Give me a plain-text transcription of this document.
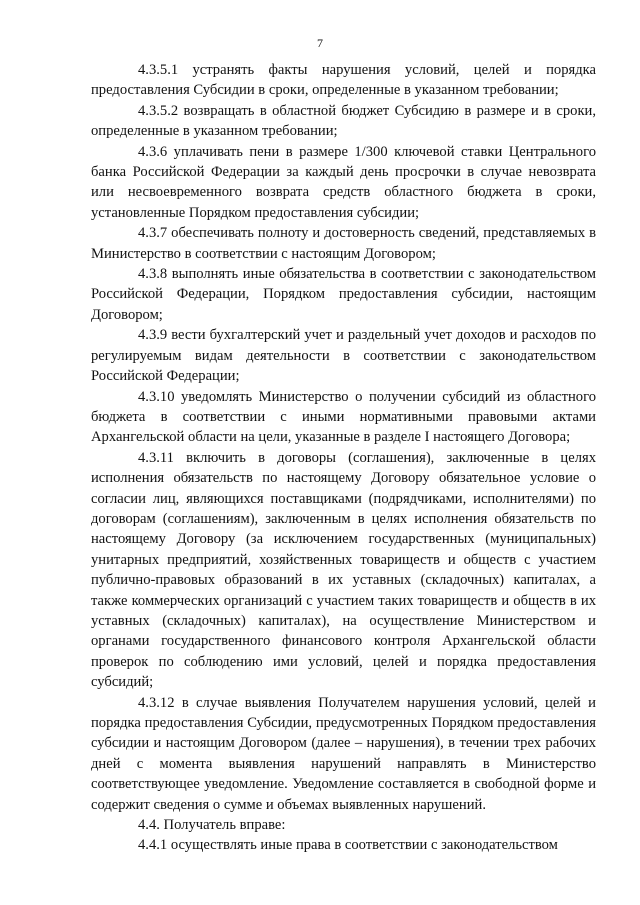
7

4.3.5.1 устранять факты нарушения условий, целей и порядка предоставления Субсидии в сроки, определенные в указанном требовании;

4.3.5.2 возвращать в областной бюджет Субсидию в размере и в сроки, определенные в указанном требовании;

4.3.6 уплачивать пени в размере 1/300 ключевой ставки Центрального банка Российской Федерации за каждый день просрочки в случае невозврата или несвоевременного возврата средств областного бюджета в сроки, установленные Порядком предоставления субсидии;

4.3.7 обеспечивать полноту и достоверность сведений, представляемых в Министерство в соответствии с настоящим Договором;

4.3.8 выполнять иные обязательства в соответствии с законодательством Российской Федерации, Порядком предоставления субсидии, настоящим Договором;

4.3.9 вести бухгалтерский учет и раздельный учет доходов и расходов по регулируемым видам деятельности в соответствии с законодательством Российской Федерации;

4.3.10 уведомлять Министерство о получении субсидий из областного бюджета в соответствии с иными нормативными правовыми актами Архангельской области на цели, указанные в разделе I настоящего Договора;

4.3.11 включить в договоры (соглашения), заключенные в целях исполнения обязательств по настоящему Договору обязательное условие о согласии лиц, являющихся поставщиками (подрядчиками, исполнителями) по договорам (соглашениям), заключенным в целях исполнения обязательств по настоящему Договору (за исключением государственных (муниципальных) унитарных предприятий, хозяйственных товариществ и обществ с участием публично-правовых образований в их уставных (складочных) капиталах, а также коммерческих организаций с участием таких товариществ и обществ в их уставных (складочных) капиталах), на осуществление Министерством и органами государственного финансового контроля Архангельской области проверок по соблюдению ими условий, целей и порядка предоставления субсидий;

4.3.12 в случае выявления Получателем нарушения условий, целей и порядка предоставления Субсидии, предусмотренных Порядком предоставления субсидии и настоящим Договором (далее – нарушения), в течении трех рабочих дней с момента выявления нарушений направлять в Министерство соответствующее уведомление. Уведомление составляется в свободной форме и содержит сведения о сумме и объемах выявленных нарушений.

4.4. Получатель вправе:

4.4.1 осуществлять иные права в соответствии с законодательством
